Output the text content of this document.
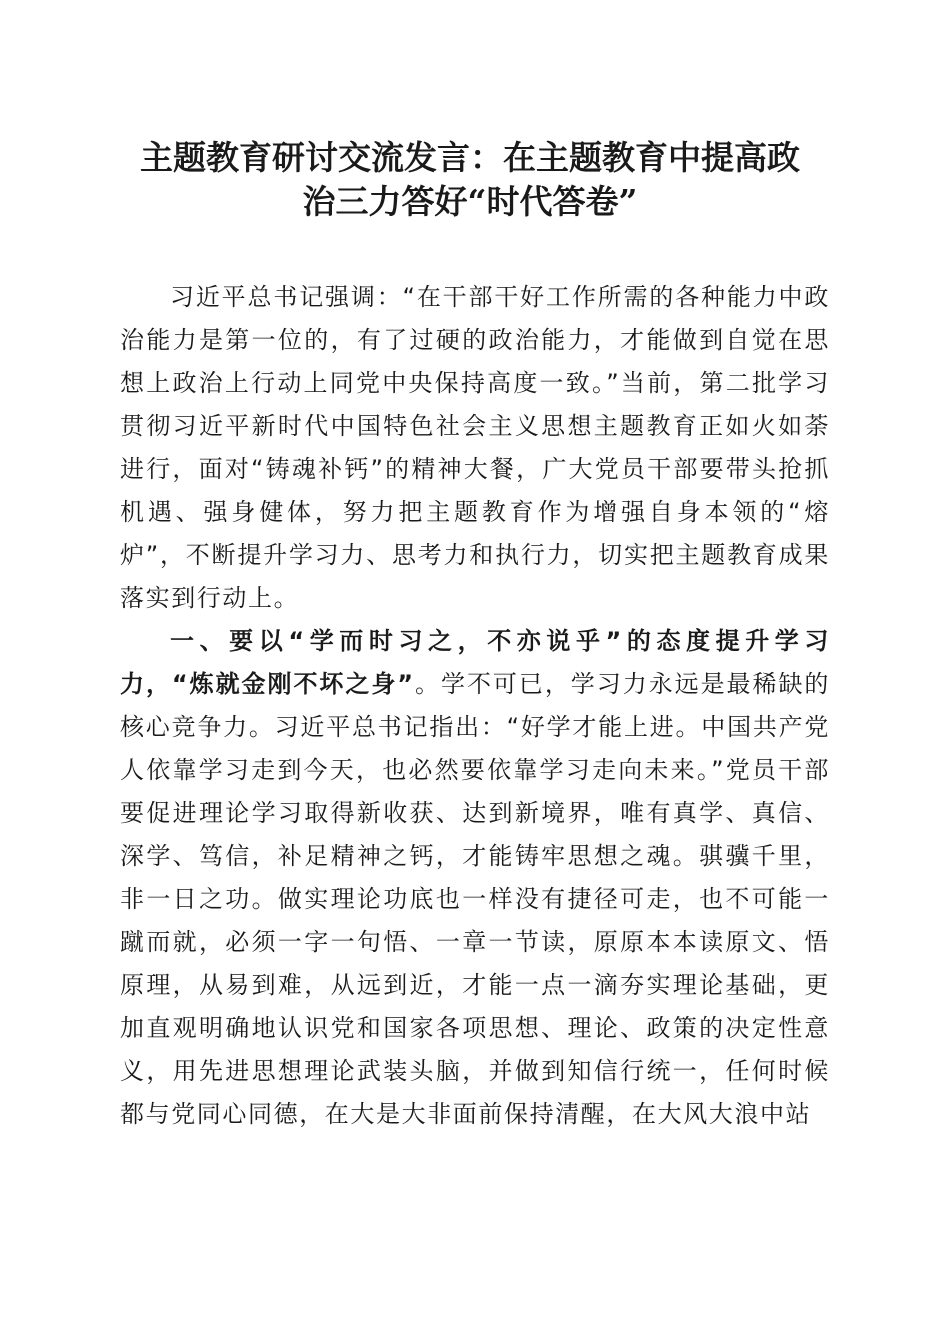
主题教育研讨交流发言：在主题教育中提高政
治三力答好“时代答卷”

习近平总书记强调：“在干部干好工作所需的各种能力中政治能力是第一位的，有了过硬的政治能力，才能做到自觉在思想上政治上行动上同党中央保持高度一致。”当前，第二批学习贯彻习近平新时代中国特色社会主义思想主题教育正如火如荼进行，面对“铸魂补钙”的精神大餐，广大党员干部要带头抢抓机遇、强身健体，努力把主题教育作为增强自身本领的“熔炉”，不断提升学习力、思考力和执行力，切实把主题教育成果落实到行动上。

一、要以“学而时习之，不亦说乎”的态度提升学习力，“炼就金刚不坏之身”。学不可已，学习力永远是最稀缺的核心竞争力。习近平总书记指出：“好学才能上进。中国共产党人依靠学习走到今天，也必然要依靠学习走向未来。”党员干部要促进理论学习取得新收获、达到新境界，唯有真学、真信、深学、笃信，补足精神之钙，才能铸牢思想之魂。骐骥千里，非一日之功。做实理论功底也一样没有捷径可走，也不可能一蹴而就，必须一字一句悟、一章一节读，原原本本读原文、悟原理，从易到难，从远到近，才能一点一滴夯实理论基础，更加直观明确地认识党和国家各项思想、理论、政策的决定性意义，用先进思想理论武装头脑，并做到知信行统一，任何时候都与党同心同德，在大是大非面前保持清醒，在大风大浪中站
